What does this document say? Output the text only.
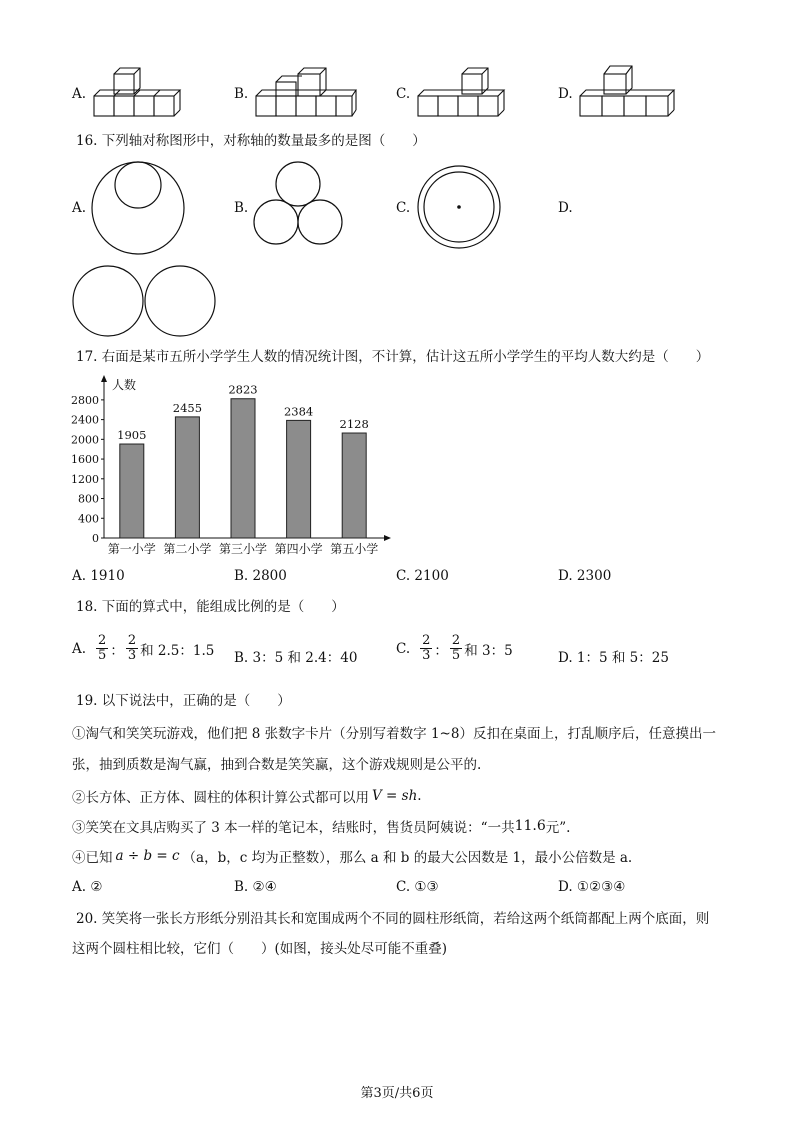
A.	B.	C.	D.
16. 下列轴对称图形中，对称轴的数量最多的是图（　　）
A.	B.	C.	D.
17. 右面是某市五所小学学生人数的情况统计图，不计算，估计这五所小学学生的平均人数大约是（　　）
人数
0
400
800
1200
1600
2000
2400
2800
1905
第一小学
2455
第二小学
2823
第三小学
2384
第四小学
2128
第五小学
A. 1910	B. 2800	C. 2100	D. 2300
18. 下面的算式中，能组成比例的是（　　）
A. $\frac{2}{5}$ ： $\frac{2}{3}$ 和 2.5：1.5 B. 3：5 和 2.4：40
C. $\frac{2}{3}$ ： $\frac{2}{5}$ 和 3：5	D. 1：5 和 5：25
19. 以下说法中，正确的是（　　）
①淘气和笑笑玩游戏，他们把 8 张数字卡片（分别写着数字 1~8）反扣在桌面上，打乱顺序后，任意摸出一
张，抽到质数是淘气赢，抽到合数是笑笑赢，这个游戏规则是公平的.
②长方体、正方体、圆柱的体积计算公式都可以用 V = sh .
③笑笑在文具店购买了 3 本一样的笔记本，结账时，售货员阿姨说：“一共 11.6 元”.
④已知 a ÷ b = c （a，b，c 均为正整数），那么 a 和 b 的最大公因数是 1，最小公倍数是 a.
A. ②	B. ②④	C. ①③	D. ①②③④
20. 笑笑将一张长方形纸分别沿其长和宽围成两个不同的圆柱形纸筒，若给这两个纸筒都配上两个底面，则
这两个圆柱相比较，它们（　　）(如图，接头处尽可能不重叠)
第3页/共6页
